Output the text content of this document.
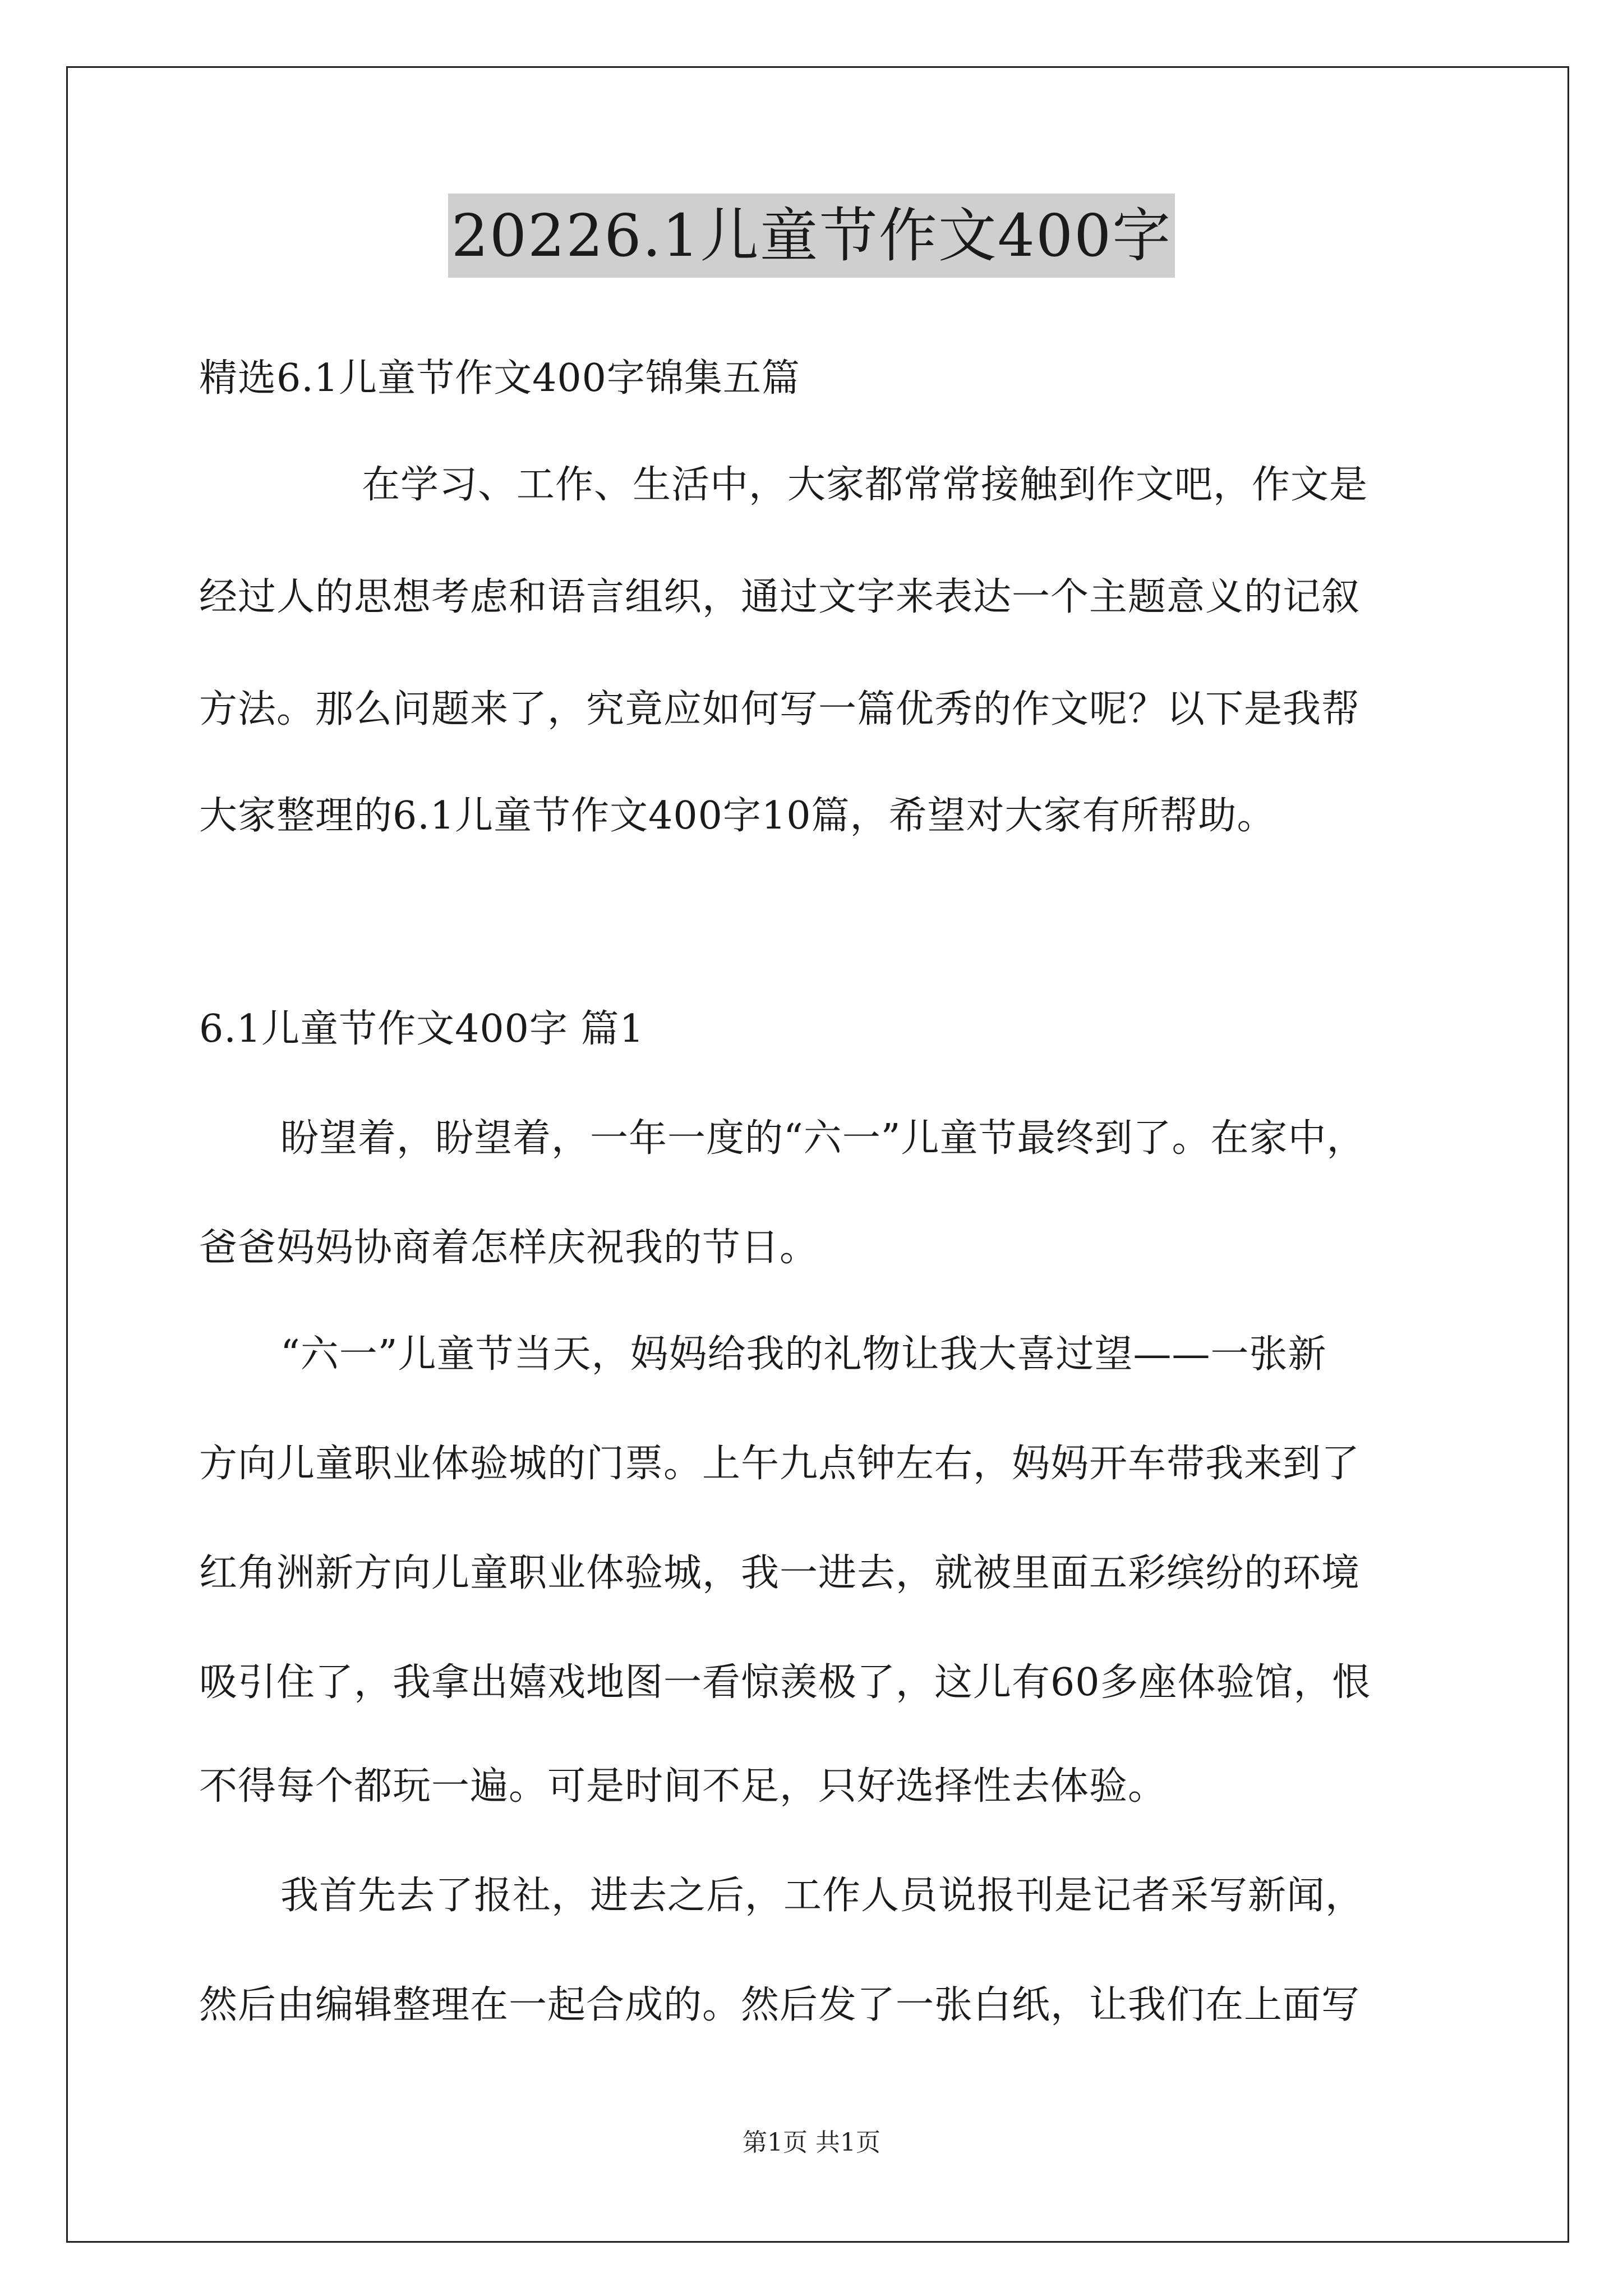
20226.1儿童节作文400字
精选6.1儿童节作文400字锦集五篇
在学习、工作、生活中，大家都常常接触到作文吧，作文是
经过人的思想考虑和语言组织，通过文字来表达一个主题意义的记叙
方法。那么问题来了，究竟应如何写一篇优秀的作文呢？以下是我帮
大家整理的6.1儿童节作文400字10篇，希望对大家有所帮助。
6.1儿童节作文400字 篇1
盼望着，盼望着，一年一度的“六一”儿童节最终到了。在家中，
爸爸妈妈协商着怎样庆祝我的节日。
“六一”儿童节当天，妈妈给我的礼物让我大喜过望——一张新
方向儿童职业体验城的门票。上午九点钟左右，妈妈开车带我来到了
红角洲新方向儿童职业体验城，我一进去，就被里面五彩缤纷的环境
吸引住了，我拿出嬉戏地图一看惊羡极了，这儿有60多座体验馆，恨
不得每个都玩一遍。可是时间不足，只好选择性去体验。
我首先去了报社，进去之后，工作人员说报刊是记者采写新闻，
然后由编辑整理在一起合成的。然后发了一张白纸，让我们在上面写
第1页 共1页
